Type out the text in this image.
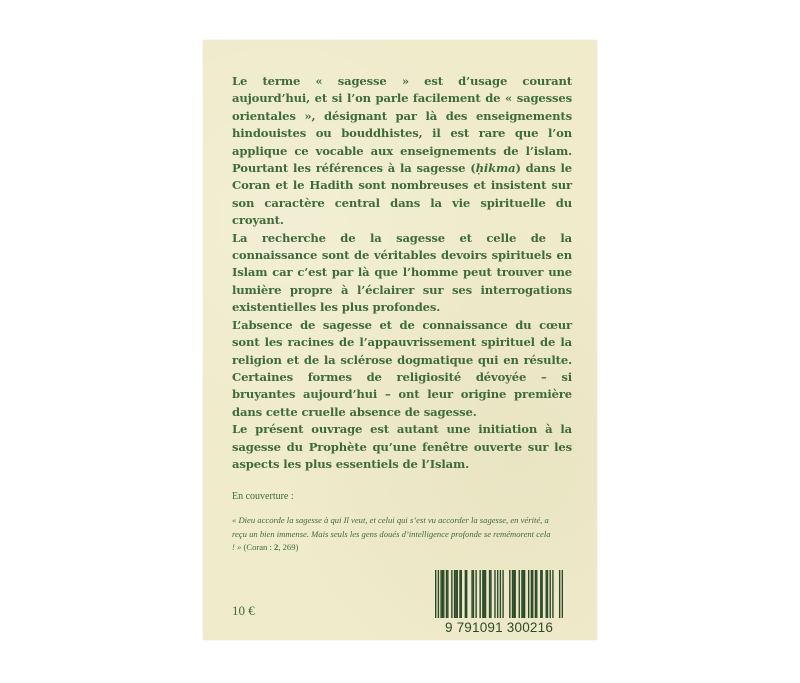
Le terme « sagesse » est d’usage courant aujourd’hui, et si l’on parle facilement de « sagesses orientales », désignant par là des enseignements hindouistes ou bouddhistes, il est rare que l’on applique ce vocable aux enseignements de l’islam. Pourtant les références à la sagesse (ḥikma) dans le Coran et le Hadith sont nombreuses et insistent sur son caractère central dans la vie spirituelle du croyant.

La recherche de la sagesse et celle de la connaissance sont de véritables devoirs spirituels en Islam car c’est par là que l’homme peut trouver une lumière propre à l’éclairer sur ses interrogations existentielles les plus profondes.

L’absence de sagesse et de connaissance du cœur sont les racines de l’appauvrissement spirituel de la religion et de la sclérose dogmatique qui en résulte. Certaines formes de religiosité dévoyée – si bruyantes aujourd’hui – ont leur origine première dans cette cruelle absence de sagesse.

Le présent ouvrage est autant une initiation à la sagesse du Prophète qu’une fenêtre ouverte sur les aspects les plus essentiels de l’Islam.

En couverture :
« Dieu accorde la sagesse à qui Il veut, et celui qui s’est vu accorder la sagesse, en vérité, a reçu un bien immense. Mais seuls les gens doués d’intelligence profonde se remémorent cela ! » (Coran : 2, 269)
10 €
9 791091 300216
